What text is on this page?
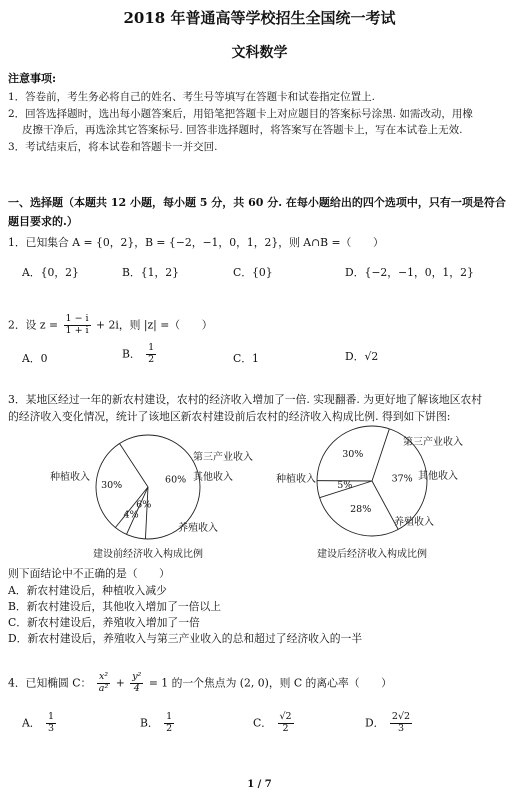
2018 年普通高等学校招生全国统一考试
文科数学
注意事项:
1．答卷前，考生务必将自己的姓名、考生号等填写在答题卡和试卷指定位置上.
2．回答选择题时，选出每小题答案后，用铅笔把答题卡上对应题目的答案标号涂黑. 如需改动，用橡
皮擦干净后，再选涂其它答案标号. 回答非选择题时，将答案写在答题卡上，写在本试卷上无效.
3．考试结束后，将本试卷和答题卡一并交回.
一、选择题（本题共 12 小题，每小题 5 分，共 60 分. 在每小题给出的四个选项中，只有一项是符合
题目要求的.）
1．已知集合 A = {0，2}，B = {−2，−1，0，1，2}，则 A∩B =（　　）
A．{0，2}	B．{1，2}	C．{0}	D．{−2，−1，0，1，2}
2．设 $z = \frac{1 - i}{1 + i} + 2i$，则 |z| =（　　）
A．0	B． $\frac{1}{2}$	C．1	D．√2
3．某地区经过一年的新农村建设，农村的经济收入增加了一倍. 实现翻番. 为更好地了解该地区农村
的经济收入变化情况，统计了该地区新农村建设前后农村的经济收入构成比例. 得到如下饼图:
60%
种植收入
6%
第三产业收入
4%
其他收入
30%
养殖收入
建设前经济收入构成比例
37%
种植收入
28%
第三产业收入
5%
其他收入
30%
养殖收入
建设后经济收入构成比例
则下面结论中不正确的是（　　）
A．新农村建设后，种植收入减少
B．新农村建设后，其他收入增加了一倍以上
C．新农村建设后，养殖收入增加了一倍
D．新农村建设后，养殖收入与第三产业收入的总和超过了经济收入的一半
4．已知椭圆 C： $\frac{\text{x²}}{\text{a²}} + \frac{\text{y²}}{4} = 1$ 的一个焦点为 (2, 0)，则 C 的离心率（　　）
A． $\frac{1}{3}$	B． $\frac{1}{2}$	C． $\frac{√2}{2}$	D． $\frac{2√2}{3}$
1 / 7
